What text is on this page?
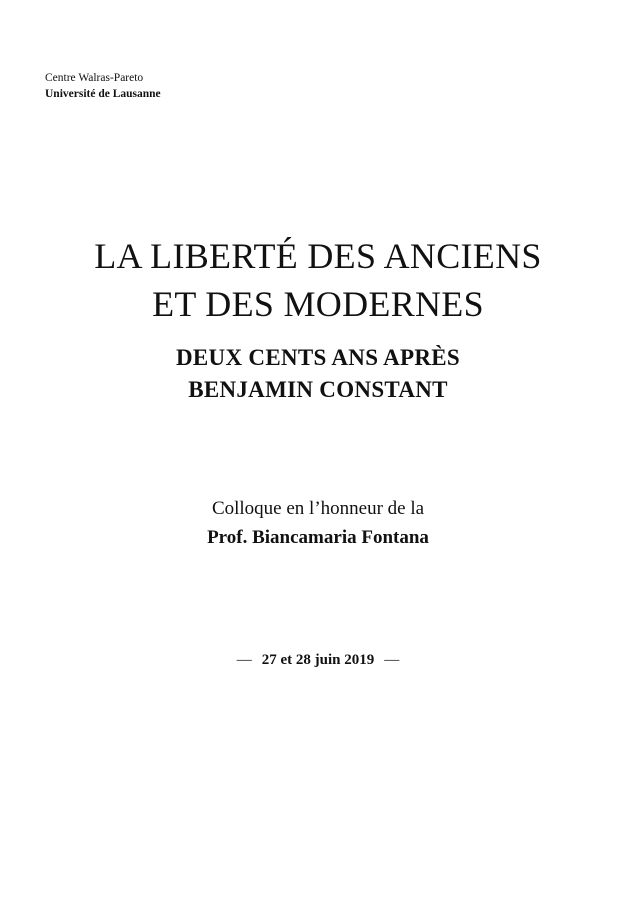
Centre Walras-Pareto
Université de Lausanne
LA LIBERTÉ DES ANCIENS
ET DES MODERNES
DEUX CENTS ANS APRÈS
BENJAMIN CONSTANT
Colloque en l’honneur de la
Prof. Biancamaria Fontana
— 27 et 28 juin 2019 —
